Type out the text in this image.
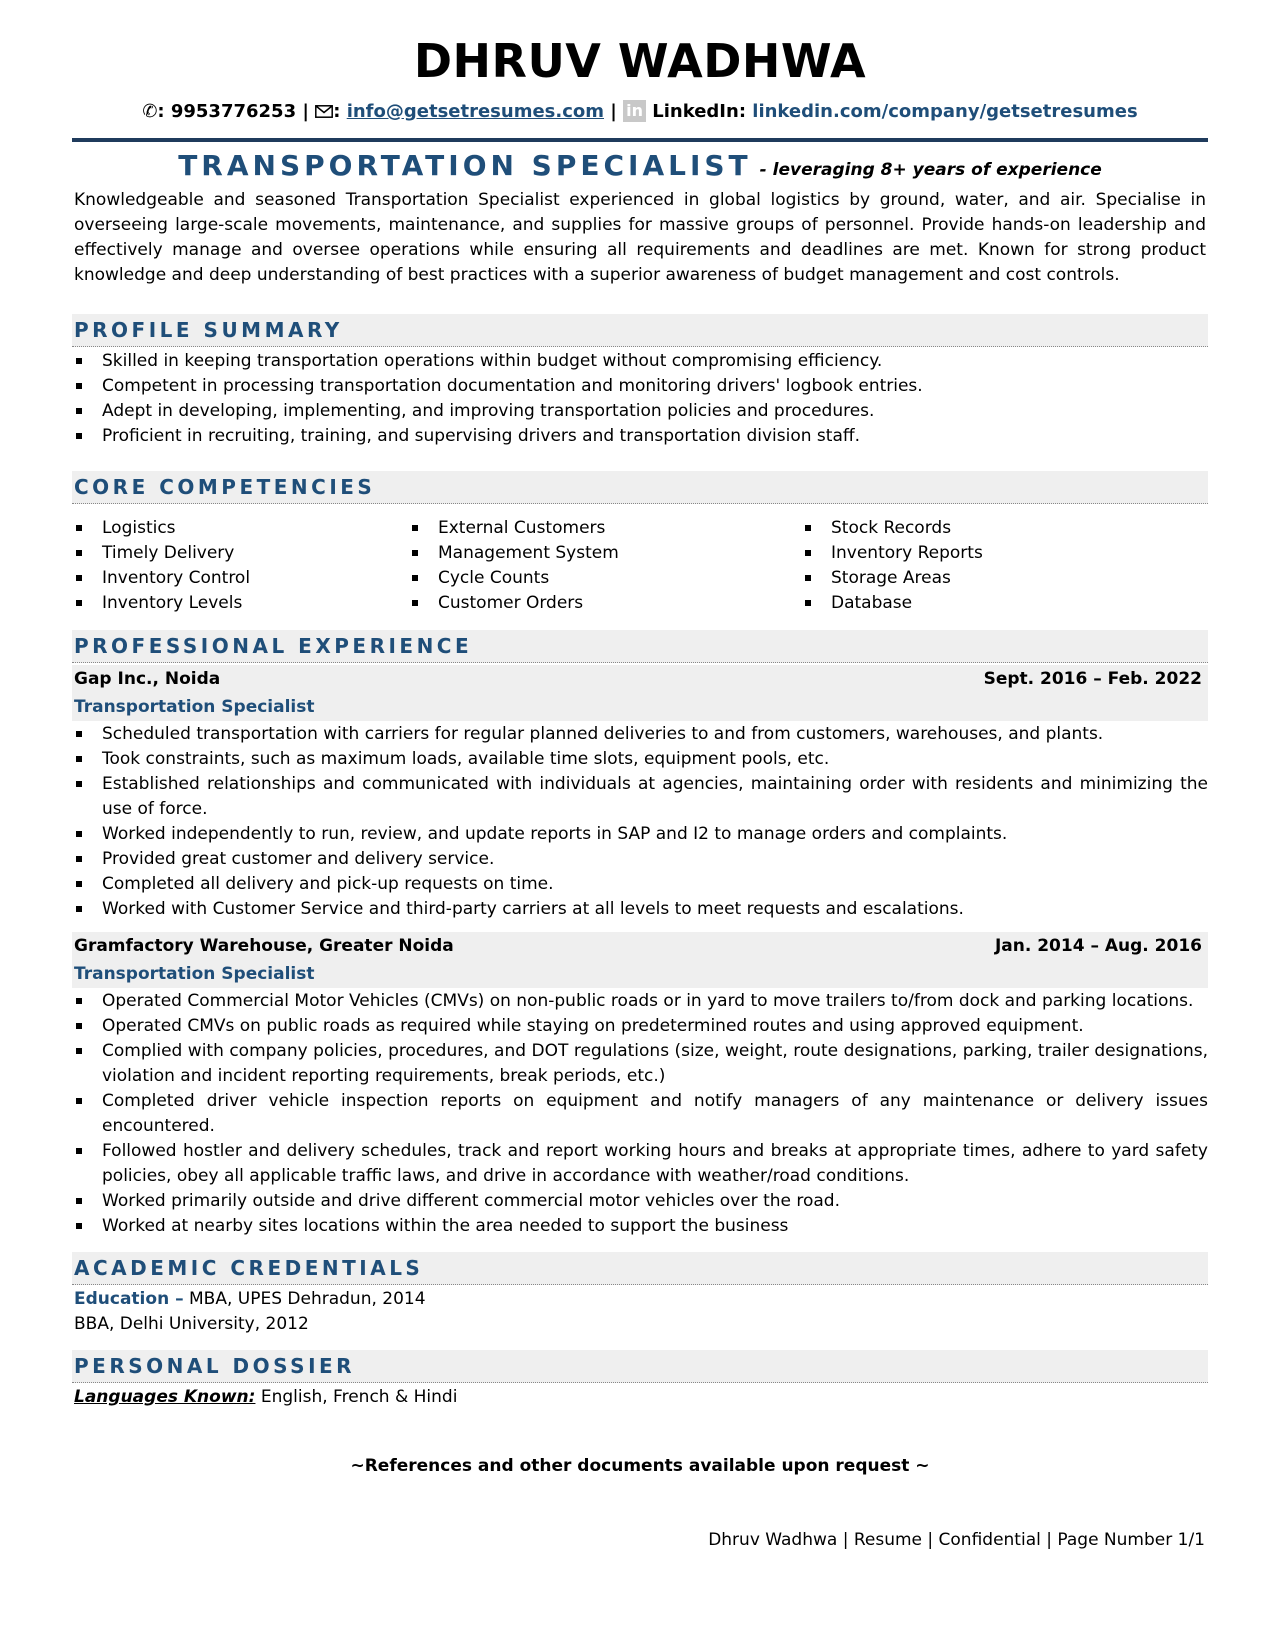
DHRUV WADHWA
✆: 9953776253 | : info@getsetresumes.com | in LinkedIn: linkedin.com/company/getsetresumes
TRANSPORTATION SPECIALIST - leveraging 8+ years of experience
Knowledgeable and seasoned Transportation Specialist experienced in global logistics by ground, water, and air. Specialise in overseeing large-scale movements, maintenance, and supplies for massive groups of personnel. Provide hands-on leadership and effectively manage and oversee operations while ensuring all requirements and deadlines are met. Known for strong product knowledge and deep understanding of best practices with a superior awareness of budget management and cost controls.
PROFILE SUMMARY
Skilled in keeping transportation operations within budget without compromising efficiency.
Competent in processing transportation documentation and monitoring drivers' logbook entries.
Adept in developing, implementing, and improving transportation policies and procedures.
Proficient in recruiting, training, and supervising drivers and transportation division staff.
CORE COMPETENCIES
Logistics
Timely Delivery
Inventory Control
Inventory Levels
External Customers
Management System
Cycle Counts
Customer Orders
Stock Records
Inventory Reports
Storage Areas
Database
PROFESSIONAL EXPERIENCE
Gap Inc., Noida	Sept. 2016 – Feb. 2022
Transportation Specialist
Scheduled transportation with carriers for regular planned deliveries to and from customers, warehouses, and plants.
Took constraints, such as maximum loads, available time slots, equipment pools, etc.
Established relationships and communicated with individuals at agencies, maintaining order with residents and minimizing the use of force.
Worked independently to run, review, and update reports in SAP and I2 to manage orders and complaints.
Provided great customer and delivery service.
Completed all delivery and pick-up requests on time.
Worked with Customer Service and third-party carriers at all levels to meet requests and escalations.
Gramfactory Warehouse, Greater Noida	Jan. 2014 – Aug. 2016
Transportation Specialist
Operated Commercial Motor Vehicles (CMVs) on non-public roads or in yard to move trailers to/from dock and parking locations.
Operated CMVs on public roads as required while staying on predetermined routes and using approved equipment.
Complied with company policies, procedures, and DOT regulations (size, weight, route designations, parking, trailer designations, violation and incident reporting requirements, break periods, etc.)
Completed driver vehicle inspection reports on equipment and notify managers of any maintenance or delivery issues encountered.
Followed hostler and delivery schedules, track and report working hours and breaks at appropriate times, adhere to yard safety policies, obey all applicable traffic laws, and drive in accordance with weather/road conditions.
Worked primarily outside and drive different commercial motor vehicles over the road.
Worked at nearby sites locations within the area needed to support the business
ACADEMIC CREDENTIALS
Education – MBA, UPES Dehradun, 2014
BBA, Delhi University, 2012
PERSONAL DOSSIER
Languages Known: English, French & Hindi
~References and other documents available upon request ~
Dhruv Wadhwa | Resume | Confidential | Page Number 1/1
